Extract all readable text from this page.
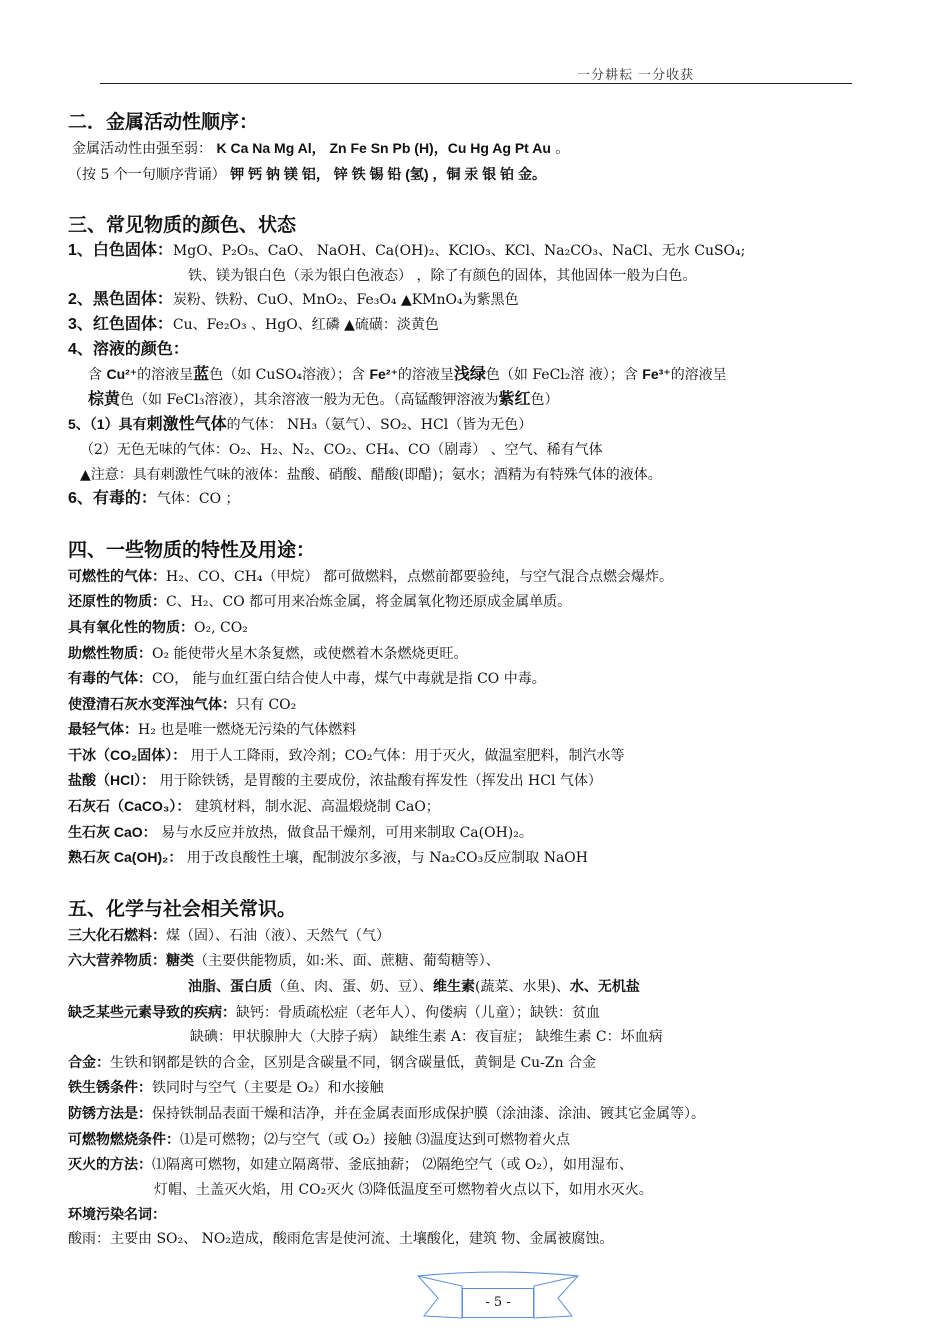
一分耕耘 一分收获
二．金属活动性顺序：
金属活动性由强至弱： K Ca Na Mg Al， Zn Fe Sn Pb (H)，Cu Hg Ag Pt Au 。
（按 5 个一句顺序背诵） 钾 钙 钠 镁 铝， 锌 铁 锡 铅 (氢) ，铜 汞 银 铂 金。
三、常见物质的颜色、状态
1、白色固体：MgO、P₂O₅、CaO、 NaOH、Ca(OH)₂、KClO₃、KCl、Na₂CO₃、NaCl、无水 CuSO₄;
铁、镁为银白色（汞为银白色液态） ，除了有颜色的固体，其他固体一般为白色。
2、黑色固体：炭粉、铁粉、CuO、MnO₂、Fe₃O₄ ▲KMnO₄为紫黑色
3、红色固体：Cu、Fe₂O₃ 、HgO、红磷 ▲硫磺：淡黄色
4、溶液的颜色：
含 Cu²⁺的溶液呈蓝色（如 CuSO₄溶液）；含 Fe²⁺的溶液呈浅绿色（如 FeCl₂溶 液）；含 Fe³⁺的溶液呈
棕黄色（如 FeCl₃溶液），其余溶液一般为无色。（高锰酸钾溶液为紫红色）
5、（1）具有刺激性气体的气体： NH₃（氨气）、SO₂、HCl（皆为无色）
（2）无色无味的气体：O₂、H₂、N₂、CO₂、CH₄、CO（剧毒） 、空气、稀有气体
▲注意：具有刺激性气味的液体：盐酸、硝酸、醋酸(即醋)；氨水；酒精为有特殊气体的液体。
6、有毒的：气体：CO ；
四、一些物质的特性及用途：
可燃性的气体：H₂、CO、CH₄（甲烷） 都可做燃料，点燃前都要验纯，与空气混合点燃会爆炸。
还原性的物质：C、H₂、CO 都可用来冶炼金属，将金属氧化物还原成金属单质。
具有氧化性的物质：O₂, CO₂
助燃性物质：O₂ 能使带火星木条复燃，或使燃着木条燃烧更旺。
有毒的气体：CO， 能与血红蛋白结合使人中毒，煤气中毒就是指 CO 中毒。
使澄清石灰水变浑浊气体：只有 CO₂
最轻气体：H₂ 也是唯一燃烧无污染的气体燃料
干冰（CO₂固体）： 用于人工降雨，致冷剂；CO₂气体：用于灭火，做温室肥料，制汽水等
盐酸（HCl）： 用于除铁锈，是胃酸的主要成份，浓盐酸有挥发性（挥发出 HCl 气体）
石灰石（CaCO₃）： 建筑材料，制水泥、高温煅烧制 CaO；
生石灰 CaO： 易与水反应并放热，做食品干燥剂，可用来制取 Ca(OH)₂。
熟石灰 Ca(OH)₂： 用于改良酸性土壤，配制波尔多液，与 Na₂CO₃反应制取 NaOH
五、化学与社会相关常识。
三大化石燃料：煤（固）、石油（液）、天然气（气）
六大营养物质：糖类（主要供能物质，如:米、面、蔗糖、葡萄糖等）、
油脂、蛋白质（鱼、肉、蛋、奶、豆）、维生素(蔬菜、水果)、水、无机盐
缺乏某些元素导致的疾病：缺钙：骨质疏松症（老年人）、佝偻病（儿童）；缺铁：贫血
缺碘：甲状腺肿大（大脖子病） 缺维生素 A：夜盲症； 缺维生素 C：坏血病
合金：生铁和钢都是铁的合金，区别是含碳量不同，钢含碳量低，黄铜是 Cu-Zn 合金
铁生锈条件：铁同时与空气（主要是 O₂）和水接触
防锈方法是：保持铁制品表面干燥和洁净，并在金属表面形成保护膜（涂油漆、涂油、镀其它金属等）。
可燃物燃烧条件：⑴是可燃物；⑵与空气（或 O₂）接触 ⑶温度达到可燃物着火点
灭火的方法：⑴隔离可燃物，如建立隔离带、釜底抽薪； ⑵隔绝空气（或 O₂），如用湿布、
灯帽、土盖灭火焰，用 CO₂灭火 ⑶降低温度至可燃物着火点以下，如用水灭火。
环境污染名词：
酸雨：主要由 SO₂、 NO₂造成，酸雨危害是使河流、土壤酸化，建筑 物、金属被腐蚀。
- 5 -
